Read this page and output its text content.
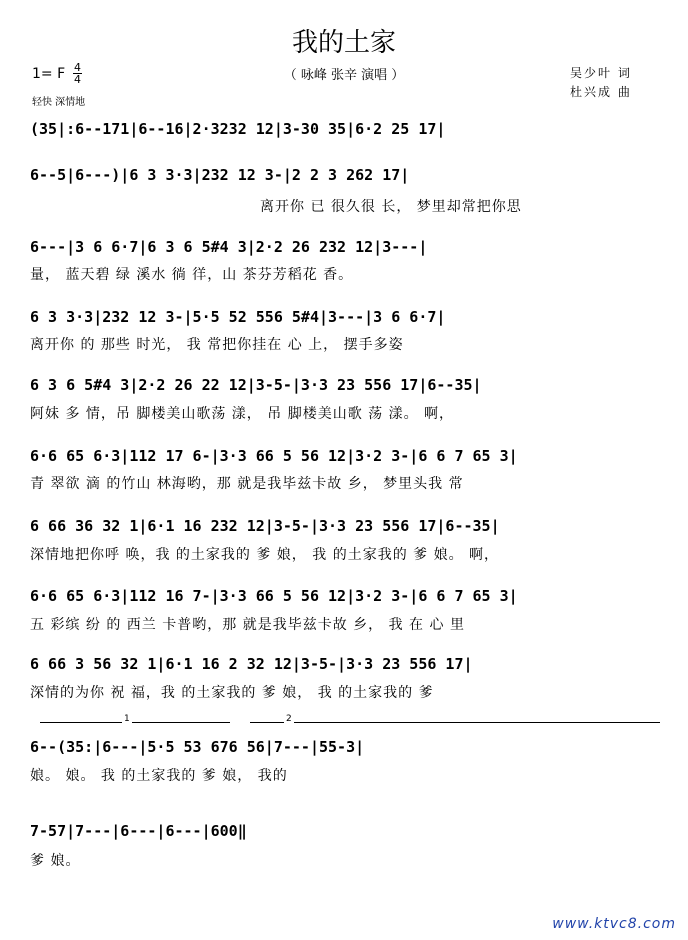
我的土家
（ 咏峰 张辛 演唱 ）	吴少叶 词
杜兴成 曲
1= F 4
4
轻快 深情地
(35|:6--171|6--16|2·3232 12|3-30 35|6·2 25 17|
6--5|6---)|6 3 3·3|232 12 3-|2 2 3 262 17|
离开你 已 很久很 长， 梦里却常把你思
6---|3 6 6·7|6 3 6 5#4 3|2·2 26 232 12|3---|
量， 蓝天碧 绿 溪水 徜 徉，山 茶芬芳稻花 香。
6 3 3·3|232 12 3-|5·5 52 556 5#4|3---|3 6 6·7|
离开你 的 那些 时光， 我 常把你挂在 心 上， 摆手多姿
6 3 6 5#4 3|2·2 26 22 12|3-5-|3·3 23 556 17|6--35|
阿妹 多 情，吊 脚楼美山歌荡 漾， 吊 脚楼美山歌 荡 漾。 啊，
6·6 65 6·3|112 17 6-|3·3 66 5 56 12|3·2 3-|6 6 7 65 3|
青 翠欲 滴 的竹山 林海哟，那 就是我毕兹卡故 乡， 梦里头我 常
6 66 36 32 1|6·1 16 232 12|3-5-|3·3 23 556 17|6--35|
深情地把你呼 唤，我 的土家我的 爹 娘， 我 的土家我的 爹 娘。 啊，
6·6 65 6·3|112 16 7-|3·3 66 5 56 12|3·2 3-|6 6 7 65 3|
五 彩缤 纷 的 西兰 卡普哟，那 就是我毕兹卡故 乡， 我 在 心 里
6 66 3 56 32 1|6·1 16 2 32 12|3-5-|3·3 23 556 17|
深情的为你 祝 福，我 的土家我的 爹 娘， 我 的土家我的 爹
1	2
6--(35:|6---|5·5 53 676 56|7---|55-3|
娘。 娘。 我 的土家我的 爹 娘， 我的
7-57|7---|6---|6---|600‖
爹 娘。
www.ktvc8.com
